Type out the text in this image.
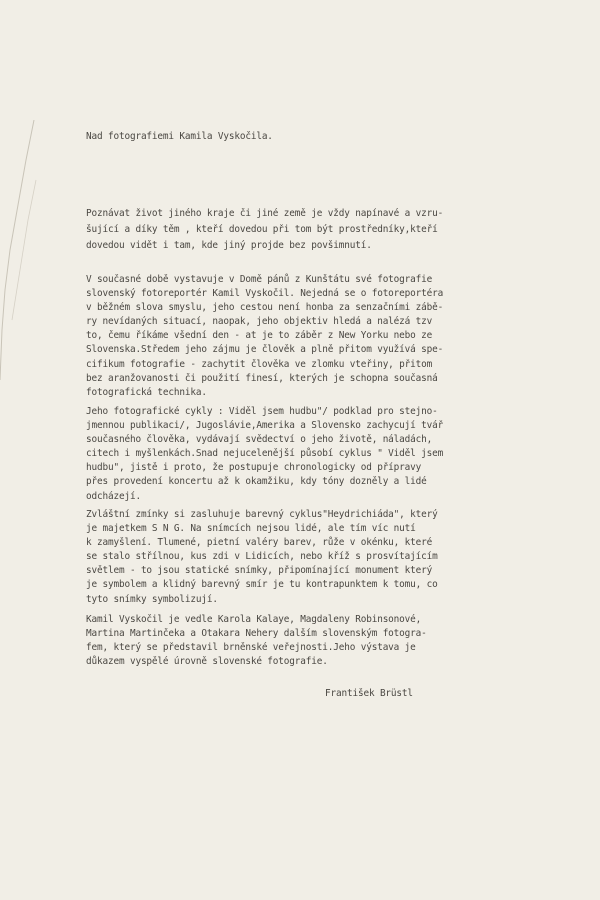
Nad fotografiemi Kamila Vyskočila.
Poznávat život jiného kraje či jiné země je vždy napínavé a vzru-
šující a díky těm , kteří dovedou při tom být prostředníky,kteří
dovedou vidět i tam, kde jiný projde bez povšimnutí.
V současné době vystavuje v Domě pánů z Kunštátu své fotografie
slovenský fotoreportér Kamil Vyskočil. Nejedná se o fotoreportéra
v běžném slova smyslu, jeho cestou není honba za senzačními zábě-
ry nevídaných situací, naopak, jeho objektiv hledá a nalézá tzv
to, čemu říkáme všední den - at je to záběr z New Yorku nebo ze
Slovenska.Středem jeho zájmu je člověk a plně přitom využívá spe-
cifikum fotografie - zachytit člověka ve zlomku vteřiny, přitom
bez aranžovanosti či použití finesí, kterých je schopna současná
fotografická technika.
Jeho fotografické cykly : Viděl jsem hudbu"/ podklad pro stejno-
jmennou publikaci/, Jugoslávie,Amerika a Slovensko zachycují tvář
současného člověka, vydávají svědectví o jeho životě, náladách,
citech i myšlenkách.Snad nejucelenější působí cyklus " Viděl jsem
hudbu", jistě i proto, že postupuje chronologicky od přípravy
přes provedení koncertu až k okamžiku, kdy tóny dozněly a lidé
odcházejí.
Zvláštní zmínky si zasluhuje barevný cyklus"Heydrichiáda", který
je majetkem S N G. Na snímcích nejsou lidé, ale tím víc nutí
k zamyšlení. Tlumené, pietní valéry barev, růže v okénku, které
se stalo střílnou, kus zdi v Lidicích, nebo kříž s prosvítajícím
světlem - to jsou statické snímky, připomínající monument který
je symbolem a klidný barevný smír je tu kontrapunktem k tomu, co
tyto snímky symbolizují.
Kamil Vyskočil je vedle Karola Kalaye, Magdaleny Robinsonové,
Martina Martinčeka a Otakara Nehery dalším slovenským fotogra-
fem, který se představil brněnské veřejnosti.Jeho výstava je
důkazem vyspělé úrovně slovenské fotografie.
František Brüstl
